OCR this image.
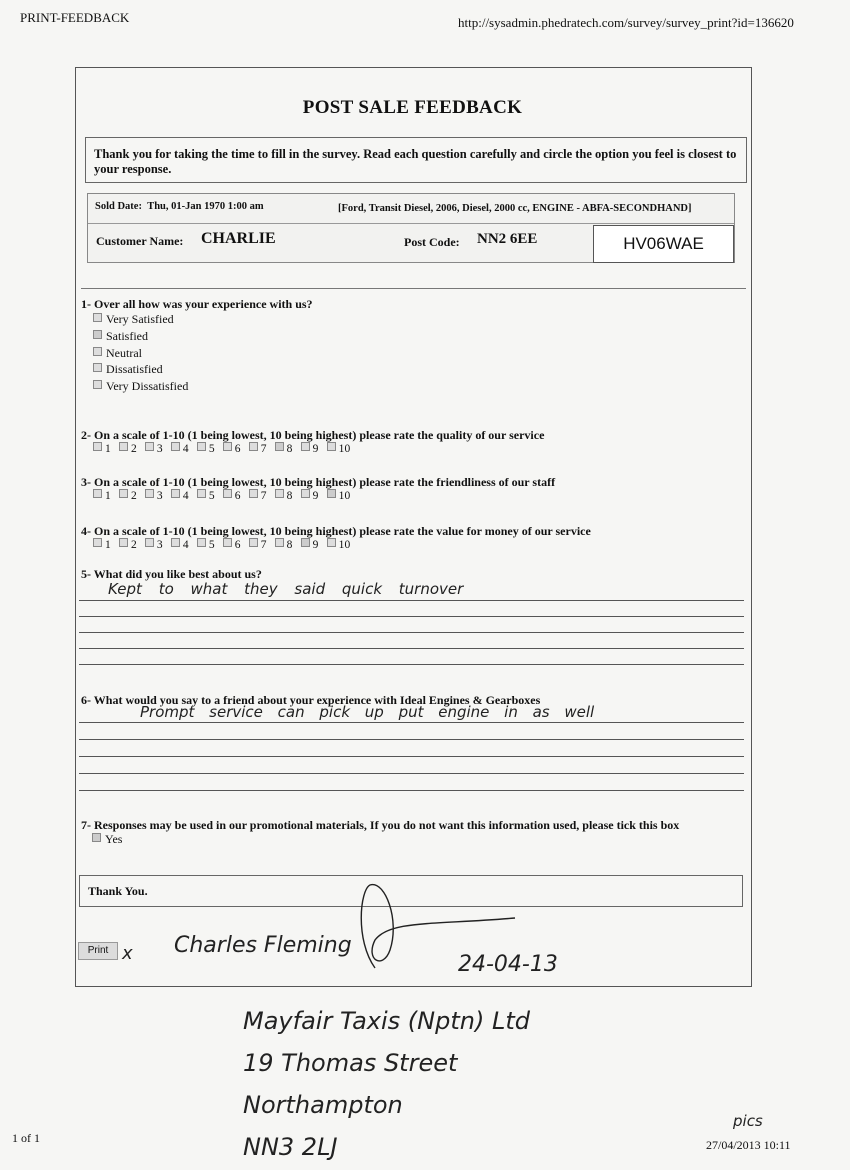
PRINT-FEEDBACK	http://sysadmin.phedratech.com/survey/survey_print?id=136620
1 of 1	27/04/2013 10:11
POST SALE FEEDBACK
Thank you for taking the time to fill in the survey. Read each question carefully and circle the option you feel is closest to your response.
Sold Date: Thu, 01-Jan 1970 1:00 am	[Ford, Transit Diesel, 2006, Diesel, 2000 cc, ENGINE - ABFA-SECONDHAND]
Customer Name: CHARLIE	Post Code: NN2 6EE	HV06WAE
1- Over all how was your experience with us?
Very Satisfied
Satisfied
Neutral
Dissatisfied
Very Dissatisfied
2- On a scale of 1-10 (1 being lowest, 10 being highest) please rate the quality of our service
1 2 3 4 5 6 7 8 9 10
3- On a scale of 1-10 (1 being lowest, 10 being highest) please rate the friendliness of our staff
1 2 3 4 5 6 7 8 9 10
4- On a scale of 1-10 (1 being lowest, 10 being highest) please rate the value for money of our service
1 2 3 4 5 6 7 8 9 10
5- What did you like best about us?
Kept to what they said quick turnover
6- What would you say to a friend about your experience with Ideal Engines & Gearboxes
Prompt service can pick up put engine in as well
7- Responses may be used in our promotional materials, If you do not want this information used, please tick this box
Yes
Thank You.
Print x Charles Fleming
24-04-13
Mayfair Taxis (Nptn) Ltd
19 Thomas Street
Northampton
NN3 2LJ
pics
